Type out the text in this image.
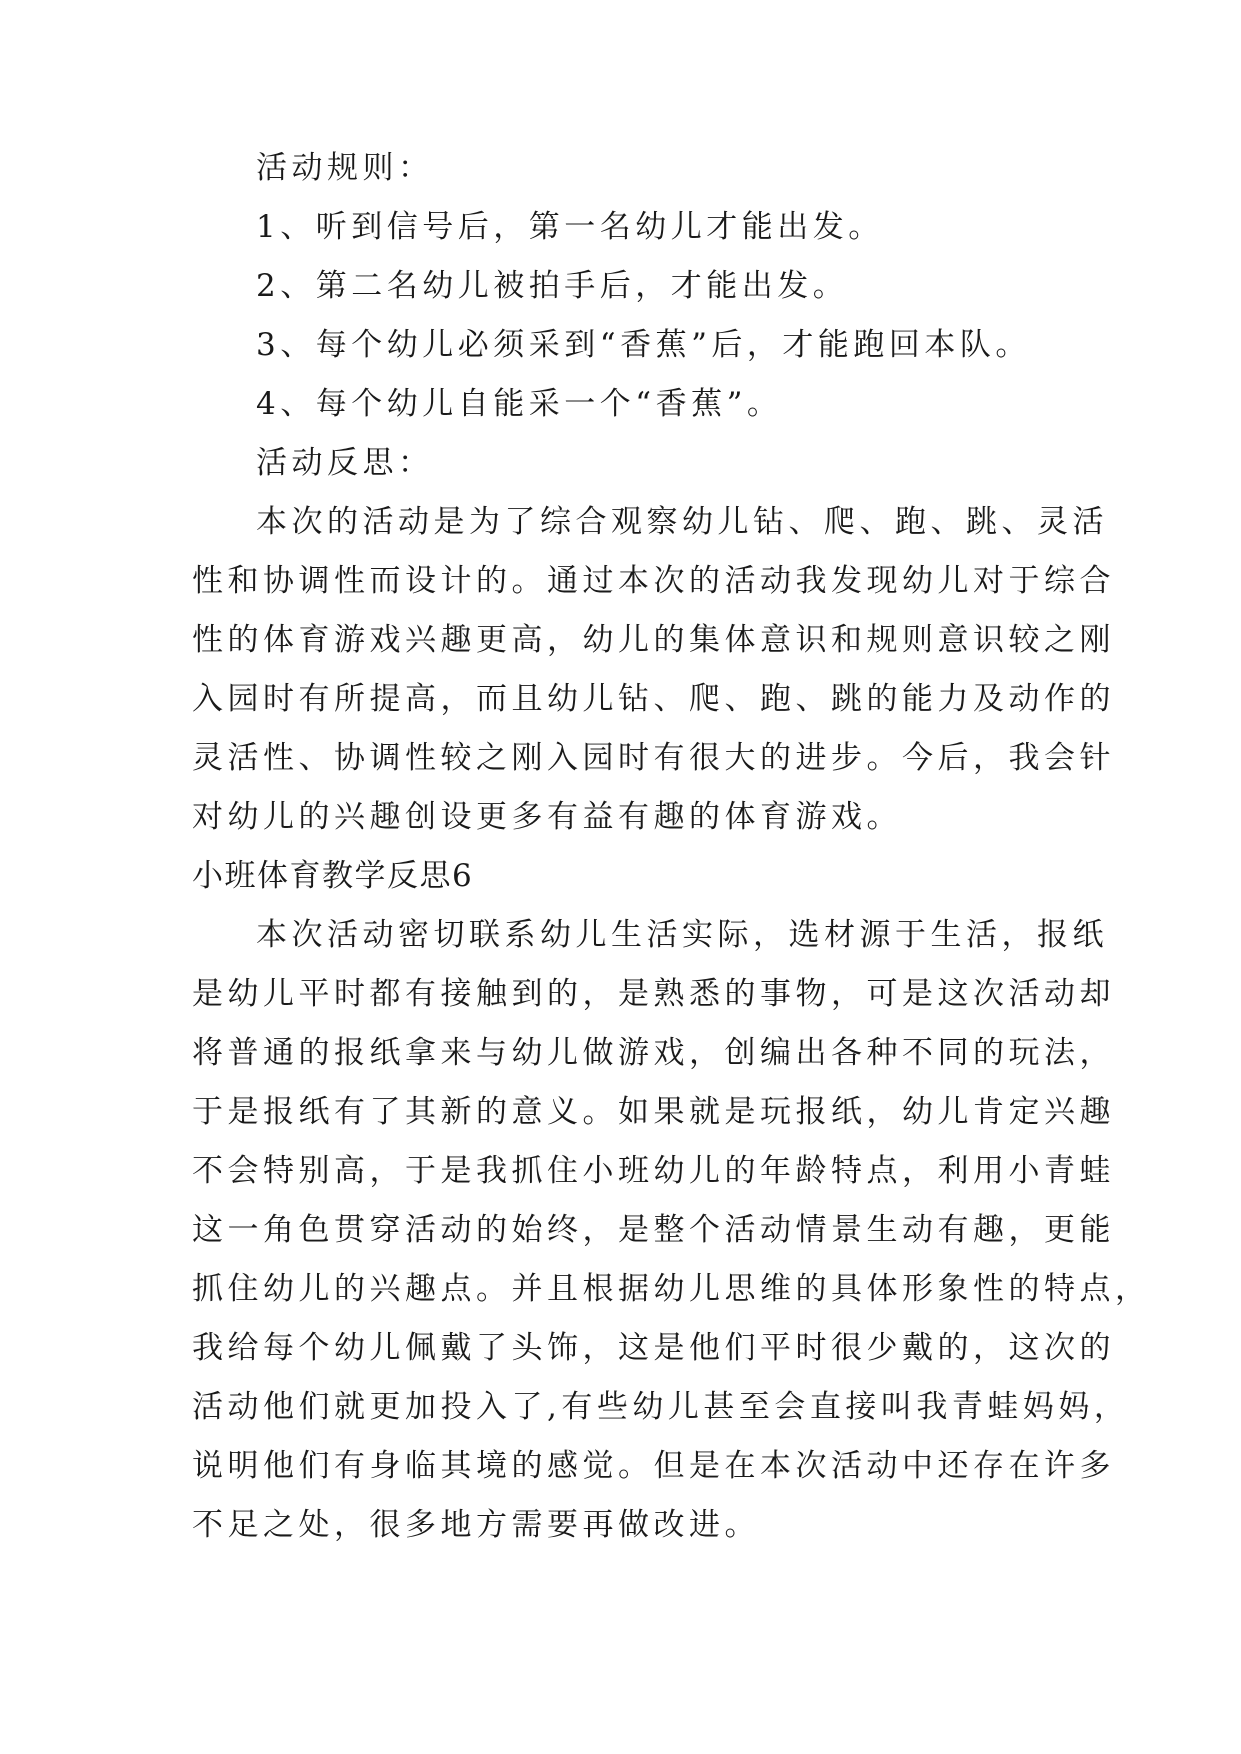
活动规则：
1、听到信号后，第一名幼儿才能出发。
2、第二名幼儿被拍手后，才能出发。
3、每个幼儿必须采到“香蕉”后，才能跑回本队。
4、每个幼儿自能采一个“香蕉”。
活动反思：
本次的活动是为了综合观察幼儿钻、爬、跑、跳、灵活
性和协调性而设计的。通过本次的活动我发现幼儿对于综合
性的体育游戏兴趣更高，幼儿的集体意识和规则意识较之刚
入园时有所提高，而且幼儿钻、爬、跑、跳的能力及动作的
灵活性、协调性较之刚入园时有很大的进步。今后，我会针
对幼儿的兴趣创设更多有益有趣的体育游戏。
小班体育教学反思6
本次活动密切联系幼儿生活实际，选材源于生活，报纸
是幼儿平时都有接触到的，是熟悉的事物，可是这次活动却
将普通的报纸拿来与幼儿做游戏，创编出各种不同的玩法，
于是报纸有了其新的意义。如果就是玩报纸，幼儿肯定兴趣
不会特别高，于是我抓住小班幼儿的年龄特点，利用小青蛙
这一角色贯穿活动的始终，是整个活动情景生动有趣，更能
抓住幼儿的兴趣点。并且根据幼儿思维的具体形象性的特点，
我给每个幼儿佩戴了头饰，这是他们平时很少戴的，这次的
活动他们就更加投入了,有些幼儿甚至会直接叫我青蛙妈妈，
说明他们有身临其境的感觉。但是在本次活动中还存在许多
不足之处，很多地方需要再做改进。
